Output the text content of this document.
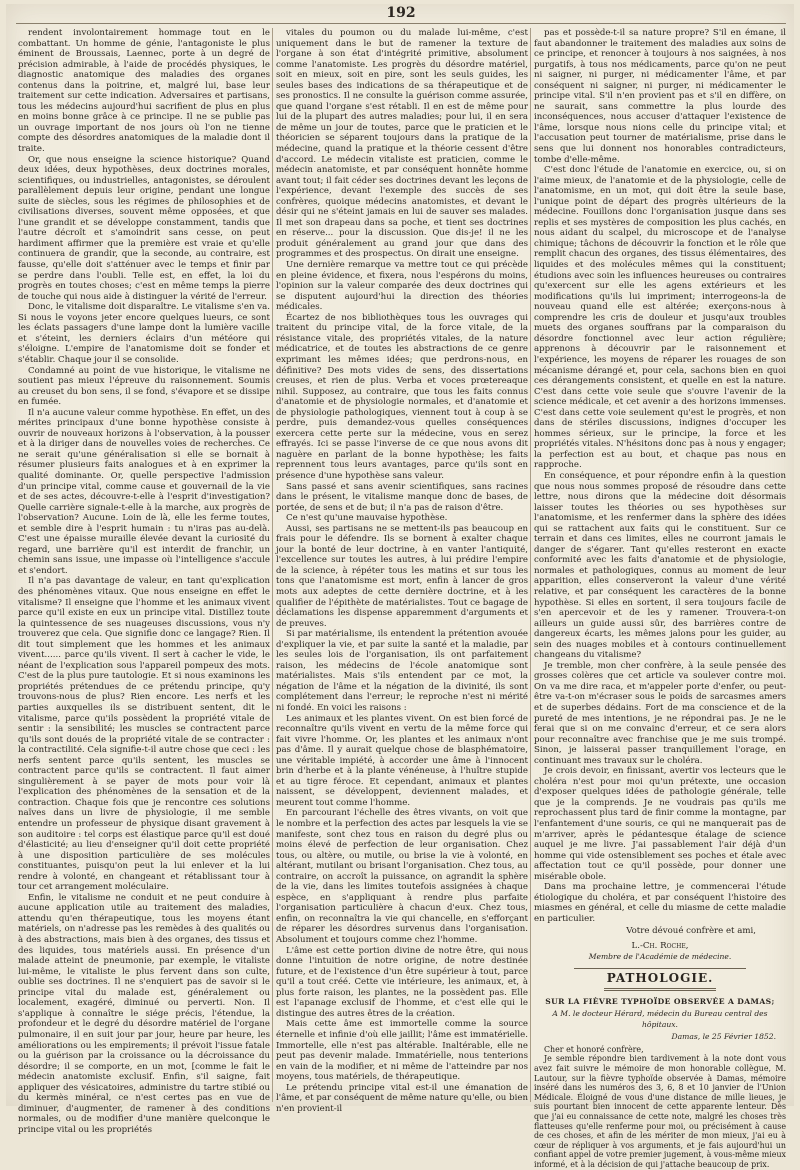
192

rendent involontairement hommage tout en le combattant. Un homme de génie, l'antagoniste le plus éminent de Broussais, Laennec, porte à un degré de précision admirable, à l'aide de procédés physiques, le diagnostic anatomique des maladies des organes contenus dans la poitrine, et, malgré lui, base leur traitement sur cette indication. Adversaires et partisans, tous les médecins aujourd'hui sacrifient de plus en plus en moins bonne grâce à ce principe. Il ne se publie pas un ouvrage important de nos jours où l'on ne tienne compte des désordres anatomiques de la maladie dont il traite.

Or, que nous enseigne la science historique? Quand deux idées, deux hypothèses, deux doctrines morales, scientifiques, ou industrielles, antagonistes, se déroulent parallèlement depuis leur origine, pendant une longue suite de siècles, sous les régimes de philosophies et de civilisations diverses, souvent même opposées, et que l'une grandit et se développe constamment, tandis que l'autre décroît et s'amoindrit sans cesse, on peut hardiment affirmer que la première est vraie et qu'elle continuera de grandir, que la seconde, au contraire, est fausse, qu'elle doit s'atténuer avec le temps et finir par se perdre dans l'oubli. Telle est, en effet, la loi du progrès en toutes choses; c'est en même temps la pierre de touche qui nous aide à distinguer la vérité de l'erreur.

Donc, le vitalisme doit disparaître. Le vitalisme s'en va. Si nous le voyons jeter encore quelques lueurs, ce sont les éclats passagers d'une lampe dont la lumière vacille et s'éteint, les derniers éclairs d'un météore qui s'éloigne. L'empire de l'anatomisme doit se fonder et s'établir. Chaque jour il se consolide.

Condamné au point de vue historique, le vitalisme ne soutient pas mieux l'épreuve du raisonnement. Soumis au creuset du bon sens, il se fond, s'évapore et se dissipe en fumée.

Il n'a aucune valeur comme hypothèse. En effet, un des mérites principaux d'une bonne hypothèse consiste à ouvrir de nouveaux horizons à l'observation, à la pousser et à la diriger dans de nouvelles voies de recherches. Ce ne serait qu'une généralisation si elle se bornait à résumer plusieurs faits analogues et à en exprimer la qualité dominante. Or, quelle perspective l'admission d'un principe vital, comme cause et gouvernail de la vie et de ses actes, découvre-t-elle à l'esprit d'investigation? Quelle carrière signale-t-elle à la marche, aux progrès de l'observation? Aucune. Loin de là, elle les ferme toutes, et semble dire à l'esprit humain : tu n'iras pas au-delà. C'est une épaisse muraille élevée devant la curiosité du regard, une barrière qu'il est interdit de franchir, un chemin sans issue, une impasse où l'intelligence s'accule et s'endort.

Il n'a pas davantage de valeur, en tant qu'explication des phénomènes vitaux. Que nous enseigne en effet le vitalisme? Il enseigne que l'homme et les animaux vivent parce qu'il existe en eux un principe vital. Distillez toute la quintessence de ses nuageuses discussions, vous n'y trouverez que cela. Que signifie donc ce langage? Rien. Il dit tout simplement que les hommes et les animaux vivent...... parce qu'ils vivent. Il sert à cacher le vide, le néant de l'explication sous l'appareil pompeux des mots. C'est de la plus pure tautologie. Et si nous examinons les propriétés prétendues de ce prétendu principe, qu'y trouvons-nous de plus? Rien encore. Les nerfs et les parties auxquelles ils se distribuent sentent, dit le vitalisme, parce qu'ils possèdent la propriété vitale de sentir : la sensibilité; les muscles se contractent parce qu'ils sont doués de la propriété vitale de se contracter : la contractilité. Cela signifie-t-il autre chose que ceci : les nerfs sentent parce qu'ils sentent, les muscles se contractent parce qu'ils se contractent. Il faut aimer singulièrement à se payer de mots pour voir là l'explication des phénomènes de la sensation et de la contraction. Chaque fois que je rencontre ces solutions naïves dans un livre de physiologie, il me semble entendre un professeur de physique disant gravement à son auditoire : tel corps est élastique parce qu'il est doué d'élasticité; au lieu d'enseigner qu'il doit cette propriété à une disposition particulière de ses molécules constituantes, puisqu'on peut la lui enlever et la lui rendre à volonté, en changeant et rétablissant tour à tour cet arrangement moléculaire.

Enfin, le vitalisme ne conduit et ne peut conduire à aucune application utile au traitement des maladies, attendu qu'en thérapeutique, tous les moyens étant matériels, on n'adresse pas les remèdes à des qualités ou à des abstractions, mais bien à des organes, des tissus et des liquides, tous matériels aussi. En présence d'un malade atteint de pneumonie, par exemple, le vitaliste lui-même, le vitaliste le plus fervent dans son culte, oublie ses doctrines. Il ne s'enquiert pas de savoir si le principe vital du malade est, généralement ou localement, exagéré, diminué ou perverti. Non. Il s'applique à connaître le siége précis, l'étendue, la profondeur et le degré du désordre matériel de l'organe pulmonaire, il en suit jour par jour, heure par heure, les améliorations ou les empirements; il prévoit l'issue fatale ou la guérison par la croissance ou la décroissance du désordre; il se comporte, en un mot, [comme le fait le médecin anatomiste exclusif. Enfin, s'il saigne, fait appliquer des vésicatoires, administre du tartre stibié ou du kermès minéral, ce n'est certes pas en vue de diminuer, d'augmenter, de ramener à des conditions normales, ou de modifier d'une manière quelconque le principe vital ou les propriétés

vitales du poumon ou du malade lui-même, c'est uniquement dans le but de ramener la texture de l'organe à son état d'intégrité primitive, absolument comme l'anatomiste. Les progrès du désordre matériel, soit en mieux, soit en pire, sont les seuls guides, les seules bases des indications de sa thérapeutique et de ses pronostics. Il ne consulte la guérison comme assurée, que quand l'organe s'est rétabli. Il en est de même pour lui de la plupart des autres maladies; pour lui, il en sera de même un jour de toutes, parce que le praticien et le théoricien se séparent toujours dans la pratique de la médecine, quand la pratique et la théorie cessent d'être d'accord. Le médecin vitaliste est praticien, comme le médecin anatomiste, et par conséquent honnête homme avant tout; il fait céder ses doctrines devant les leçons de l'expérience, devant l'exemple des succès de ses confrères, quoique médecins anatomistes, et devant le désir qui ne s'éteint jamais en lui de sauver ses malades. Il met son drapeau dans sa poche, et tient ses doctrines en réserve... pour la discussion. Que dis-je! il ne les produit généralement au grand jour que dans des programmes et des prospectus. On dirait une enseigne.

Une dernière remarque va mettre tout ce qui précède en pleine évidence, et fixera, nous l'espérons du moins, l'opinion sur la valeur comparée des deux doctrines qui se disputent aujourd'hui la direction des théories médicales.

Écartez de nos bibliothèques tous les ouvrages qui traitent du principe vital, de la force vitale, de la résistance vitale, des propriétés vitales, de la nature médicatrice, et de toutes les abstractions de ce genre exprimant les mêmes idées; que perdrons-nous, en définitive? Des mots vides de sens, des dissertations creuses, et rien de plus. Verba et voces prœtereaque nihil. Supposez, au contraire, que tous les faits connus d'anatomie et de physiologie normales, et d'anatomie et de physiologie pathologiques, viennent tout à coup à se perdre, puis demandez-vous quelles conséquences exercera cette perte sur la médecine, vous en serez effrayés. Ici se passe l'inverse de ce que nous avons dit naguère en parlant de la bonne hypothèse; les faits reprennent tous leurs avantages, parce qu'ils sont en présence d'une hypothèse sans valeur.

Sans passé et sans avenir scientifiques, sans racines dans le présent, le vitalisme manque donc de bases, de portée, de sens et de but; il n'a pas de raison d'être.

Ce n'est qu'une mauvaise hypothèse.

Aussi, ses partisans ne se mettent-ils pas beaucoup en frais pour le défendre. Ils se bornent à exalter chaque jour la bonté de leur doctrine, à en vanter l'antiquité, l'excellence sur toutes les autres, à lui prédire l'empire de la science, à répéter tous les matins et sur tous les tons que l'anatomisme est mort, enfin à lancer de gros mots aux adeptes de cette dernière doctrine, et à les qualifier de l'épithète de matérialistes. Tout ce bagage de déclamations les dispense apparemment d'arguments et de preuves.

Si par matérialisme, ils entendent la prétention avouée d'expliquer la vie, et par suite la santé et la maladie, par les seules lois de l'organisation, ils ont parfaitement raison, les médecins de l'école anatomique sont matérialistes. Mais s'ils entendent par ce mot, la négation de l'âme et la négation de la divinité, ils sont complétement dans l'erreur; le reproche n'est ni mérité ni fondé. En voici les raisons :

Les animaux et les plantes vivent. On est bien forcé de reconnaître qu'ils vivent en vertu de la même force qui fait vivre l'homme. Or, les plantes et les animaux n'ont pas d'âme. Il y aurait quelque chose de blasphématoire, une véritable impiété, à accorder une âme à l'innocent brin d'herbe et à la plante vénéneuse, à l'huître stupide et au tigre féroce. Et cependant, animaux et plantes naissent, se développent, deviennent malades, et meurent tout comme l'homme.

En parcourant l'échelle des êtres vivants, on voit que le nombre et la perfection des actes par lesquels la vie se manifeste, sont chez tous en raison du degré plus ou moins élevé de perfection de leur organisation. Chez tous, ou altère, ou mutile, ou brise la vie à volonté, en altérant, mutilant ou brisant l'organisation. Chez tous, au contraire, on accroît la puissance, on agrandit la sphère de la vie, dans les limites toutefois assignées à chaque espèce, en s'appliquant à rendre plus parfaite l'organisation particulière à chacun d'eux. Chez tous, enfin, on reconnaîtra la vie qui chancelle, en s'efforçant de réparer les désordres survenus dans l'organisation. Absolument et toujours comme chez l'homme.

L'âme est cette portion divine de notre être, qui nous donne l'intuition de notre origine, de notre destinée future, et de l'existence d'un être supérieur à tout, parce qu'il a tout créé. Cette vie intérieure, les animaux, et, à plus forte raison, les plantes, ne la possèdent pas. Elle est l'apanage exclusif de l'homme, et c'est elle qui le distingue des autres êtres de la création.

Mais cette âme est immortelle comme la source éternelle et infinie d'où elle jaillit; l'âme est immatérielle. Immortelle, elle n'est pas altérable. Inaltérable, elle ne peut pas devenir malade. Immatérielle, nous tenterions en vain de la modifier, et ni même de l'atteindre par nos moyens, tous matériels, de thérapeutique.

Le prétendu principe vital est-il une émanation de l'âme, et par conséquent de même nature qu'elle, ou bien n'en provient-il

pas et possède-t-il sa nature propre? S'il en émane, il faut abandonner le traitement des maladies aux soins de ce principe, et renoncer à toujours à nos saignées, à nos purgatifs, à tous nos médicaments, parce qu'on ne peut ni saigner, ni purger, ni médicamenter l'âme, et par conséquent ni saigner, ni purger, ni médicamenter le principe vital. S'il n'en provient pas et s'il en diffère, on ne saurait, sans commettre la plus lourde des inconséquences, nous accuser d'attaquer l'existence de l'âme, lorsque nous nions celle du principe vital; et l'accusation peut tourner de matérialisme, prise dans le sens que lui donnent nos honorables contradicteurs, tombe d'elle-même.

C'est donc l'étude de l'anatomie en exercice, ou, si on l'aime mieux, de l'anatomie et de la physiologie, celle de l'anatomisme, en un mot, qui doit être la seule base, l'unique point de départ des progrès ultérieurs de la médecine. Fouillons donc l'organisation jusque dans ses replis et ses mystères de composition les plus cachés, en nous aidant du scalpel, du microscope et de l'analyse chimique; tâchons de découvrir la fonction et le rôle que remplit chacun des organes, des tissus élémentaires, des liquides et des molécules mêmes qui la constituent; étudions avec soin les influences heureuses ou contraires qu'exercent sur elle les agens extérieurs et les modifications qu'ils lui impriment; interrogeons-la de nouveau quand elle est altérée; exerçons-nous à comprendre les cris de douleur et jusqu'aux troubles muets des organes souffrans par la comparaison du désordre fonctionnel avec leur action régulière; apprenons à découvrir par le raisonnement et l'expérience, les moyens de réparer les rouages de son mécanisme dérangé et, pour cela, sachons bien en quoi ces dérangements consistent, et quelle en est la nature. C'est dans cette voie seule que s'ouvre l'avenir de la science médicale, et cet avenir a des horizons immenses. C'est dans cette voie seulement qu'est le progrès, et non dans de stériles discussions, indignes d'occuper les hommes sérieux, sur le principe, la force et les propriétés vitales. N'hésitons donc pas à nous y engager; la perfection est au bout, et chaque pas nous en rapproche.

En conséquence, et pour répondre enfin à la question que nous nous sommes proposé de résoudre dans cette lettre, nous dirons que la médecine doit désormais laisser toutes les théories ou ses hypothèses sur l'anatomisme, et les renfermer dans la sphère des idées qui se rattachent aux faits qui le constituent. Sur ce terrain et dans ces limites, elles ne courront jamais le danger de s'égarer. Tant qu'elles resteront en exacte conformité avec les faits d'anatomie et de physiologie, normales et pathologiques, connus au moment de leur apparition, elles conserveront la valeur d'une vérité relative, et par conséquent les caractères de la bonne hypothèse. Si elles en sortent, il sera toujours facile de s'en apercevoir et de les y ramener. Trouvera-t-on ailleurs un guide aussi sûr, des barrières contre de dangereux écarts, les mêmes jalons pour les guider, au sein des nuages mobiles et à contours continuellement changeans du vitalisme?

Je tremble, mon cher confrère, à la seule pensée des grosses colères que cet article va soulever contre moi. On va me dire raca, et m'appeler porte d'enfer, ou peut-être va-t-on m'écraser sous le poids de sarcasmes amers et de superbes dédains. Fort de ma conscience et de la pureté de mes intentions, je ne répondrai pas. Je ne le ferai que si on me convainc d'erreur, et ce sera alors pour reconnaître avec franchise que je me suis trompé. Sinon, je laisserai passer tranquillement l'orage, en continuant mes travaux sur le choléra.

Je crois devoir, en finissant, avertir vos lecteurs que le choléra n'est pour moi qu'un prétexte, une occasion d'exposer quelques idées de pathologie générale, telle que je la comprends. Je ne voudrais pas qu'ils me reprochassent plus tard de finir comme la montagne, par l'enfantement d'une souris, ce qui ne manquerait pas de m'arriver, après le pédantesque étalage de science auquel je me livre. J'ai passablement l'air déjà d'un homme qui vide ostensiblement ses poches et étale avec affectation tout ce qu'il possède, pour donner une misérable obole.

Dans ma prochaine lettre, je commencerai l'étude étiologique du choléra, et par conséquent l'histoire des miasmes en général, et celle du miasme de cette maladie en particulier.

Votre dévoué confrère et ami,
L.-Ch. Roche,
Membre de l'Académie de médecine.
PATHOLOGIE.
SUR LA FIÈVRE TYPHOÏDE OBSERVÉE A DAMAS;
A M. le docteur Hérard, médecin du Bureau central des hôpitaux.
Damas, le 25 Février 1852.

Cher et honoré confrère,

Je semble répondre bien tardivement à la note dont vous avez fait suivre le mémoire de mon honorable collègue, M. Lautour, sur la fièvre typhoïde observée à Damas, mémoire inséré dans les numéros des 3, 6, 8 et 10 janvier de l'Union Médicale. Éloigné de vous d'une distance de mille lieues, je suis pourtant bien innocent de cette apparente lenteur. Dès que j'ai eu connaissance de cette note, malgré les choses très flatteuses qu'elle renferme pour moi, ou précisément à cause de ces choses, et afin de les mériter de mon mieux, j'ai eu à cœur de répliquer à vos arguments, et je fais aujourd'hui un confiant appel de votre premier jugement, à vous-même mieux informé, et à la décision de qui j'attache beaucoup de prix.
